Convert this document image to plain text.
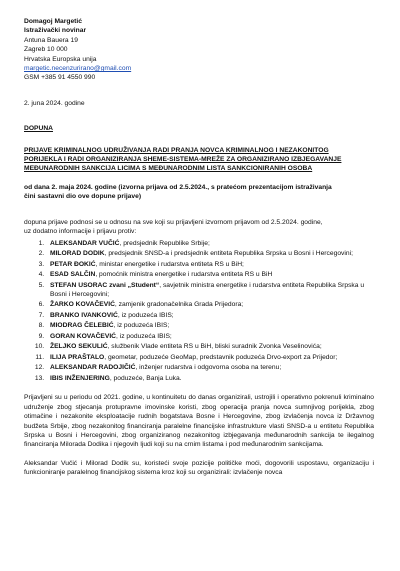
Domagoj Margetić
Istraživački novinar
Antuna Bauera 19
Zagreb 10 000
Hrvatska Europska unija
margetic.necenzurirano@gmail.com
GSM +385 91 4550 990
2. juna 2024. godine
DOPUNA
PRIJAVE KRIMINALNOG UDRUŽIVANJA RADI PRANJA NOVCA KRIMINALNOG I NEZAKONITOG
PORIJEKLA I RADI ORGANIZIRANJA SHEME-SISTEMA-MREŽE ZA ORGANIZIRANO IZBJEGAVANJE
MEĐUNARODNIH SANKCIJA LICIMA S MEĐUNARODNIM LISTA SANKCIONIRANIH OSOBA
od dana 2. maja 2024. godine (izvorna prijava od 2.5.2024., s pratećom prezentacijom istraživanja
čini sastavni dio ove dopune prijave)
dopuna prijave podnosi se u odnosu na sve koji su prijavljeni izvornom prijavom od 2.5.2024. godine,
uz dodatno informacije i prijavu protiv:
1. ALEKSANDAR VUČIĆ, predsjednik Republike Srbije;
2. MILORAD DODIK, predsjednik SNSD-a i predsjednik entiteta Republika Srpska u Bosni i Hercegovini;
3. PETAR ĐOKIĆ, ministar energetike i rudarstva entiteta RS u BiH;
4. ESAD SALČIN, pomoćnik ministra energetike i rudarstva entiteta RS u BiH
5. STEFAN USORAC zvani „Student“, savjetnik ministra energetike i rudarstva entiteta Republika Srpska u Bosni i Hercegovini;
6. ŽARKO KOVAČEVIĆ, zamjenik gradonačelnika Grada Prijedora;
7. BRANKO IVANKOVIĆ, iz poduzeća IBIS;
8. MIODRAG ČELEBIĆ, iz poduzeća IBIS;
9. GORAN KOVAČEVIĆ, iz poduzeća IBIS;
10. ŽELJKO SEKULIĆ, službenik Vlade entiteta RS u BiH, bliski suradnik Zvonka Veselinovića;
11. ILIJA PRAŠTALO, geometar, poduzeće GeoMap, predstavnik poduzeća Drvo-export za Prijedor;
12. ALEKSANDAR RADOJIČIĆ, inženjer rudarstva i odgovorna osoba na terenu;
13. IBIS INŽENJERING, poduzeće, Banja Luka.

Prijavljeni su u periodu od 2021. godine, u kontinuitetu do danas organizirali, ustrojili i operativno pokrenuli kriminalno udruženje zbog stjecanja protupravne imovinske koristi, zbog operacija pranja novca sumnjivog porijekla, zbog otimačine i nezakonite eksploatacije rudnih bogatstava Bosne i Hercegovine, zbog izvlačenja novca iz Državnog budžeta Srbije, zbog nezakonitog financiranja paralelne financijske infrastrukture vlasti SNSD-a u entitetu Republika Srpska u Bosni i Hercegovini, zbog organiziranog nezakonitog izbjegavanja međunarodnih sankcija te ilegalnog financiranja Milorada Dodika i njegovih ljudi koji su na crnim listama i pod međunarodnim sankcijama.

Aleksandar Vučić i Milorad Dodik su, koristeći svoje pozicije političke moći, dogovorili uspostavu, organizaciju i funkcioniranje paralelnog financijskog sistema kroz koji su organizirali: izvlačenje novca
